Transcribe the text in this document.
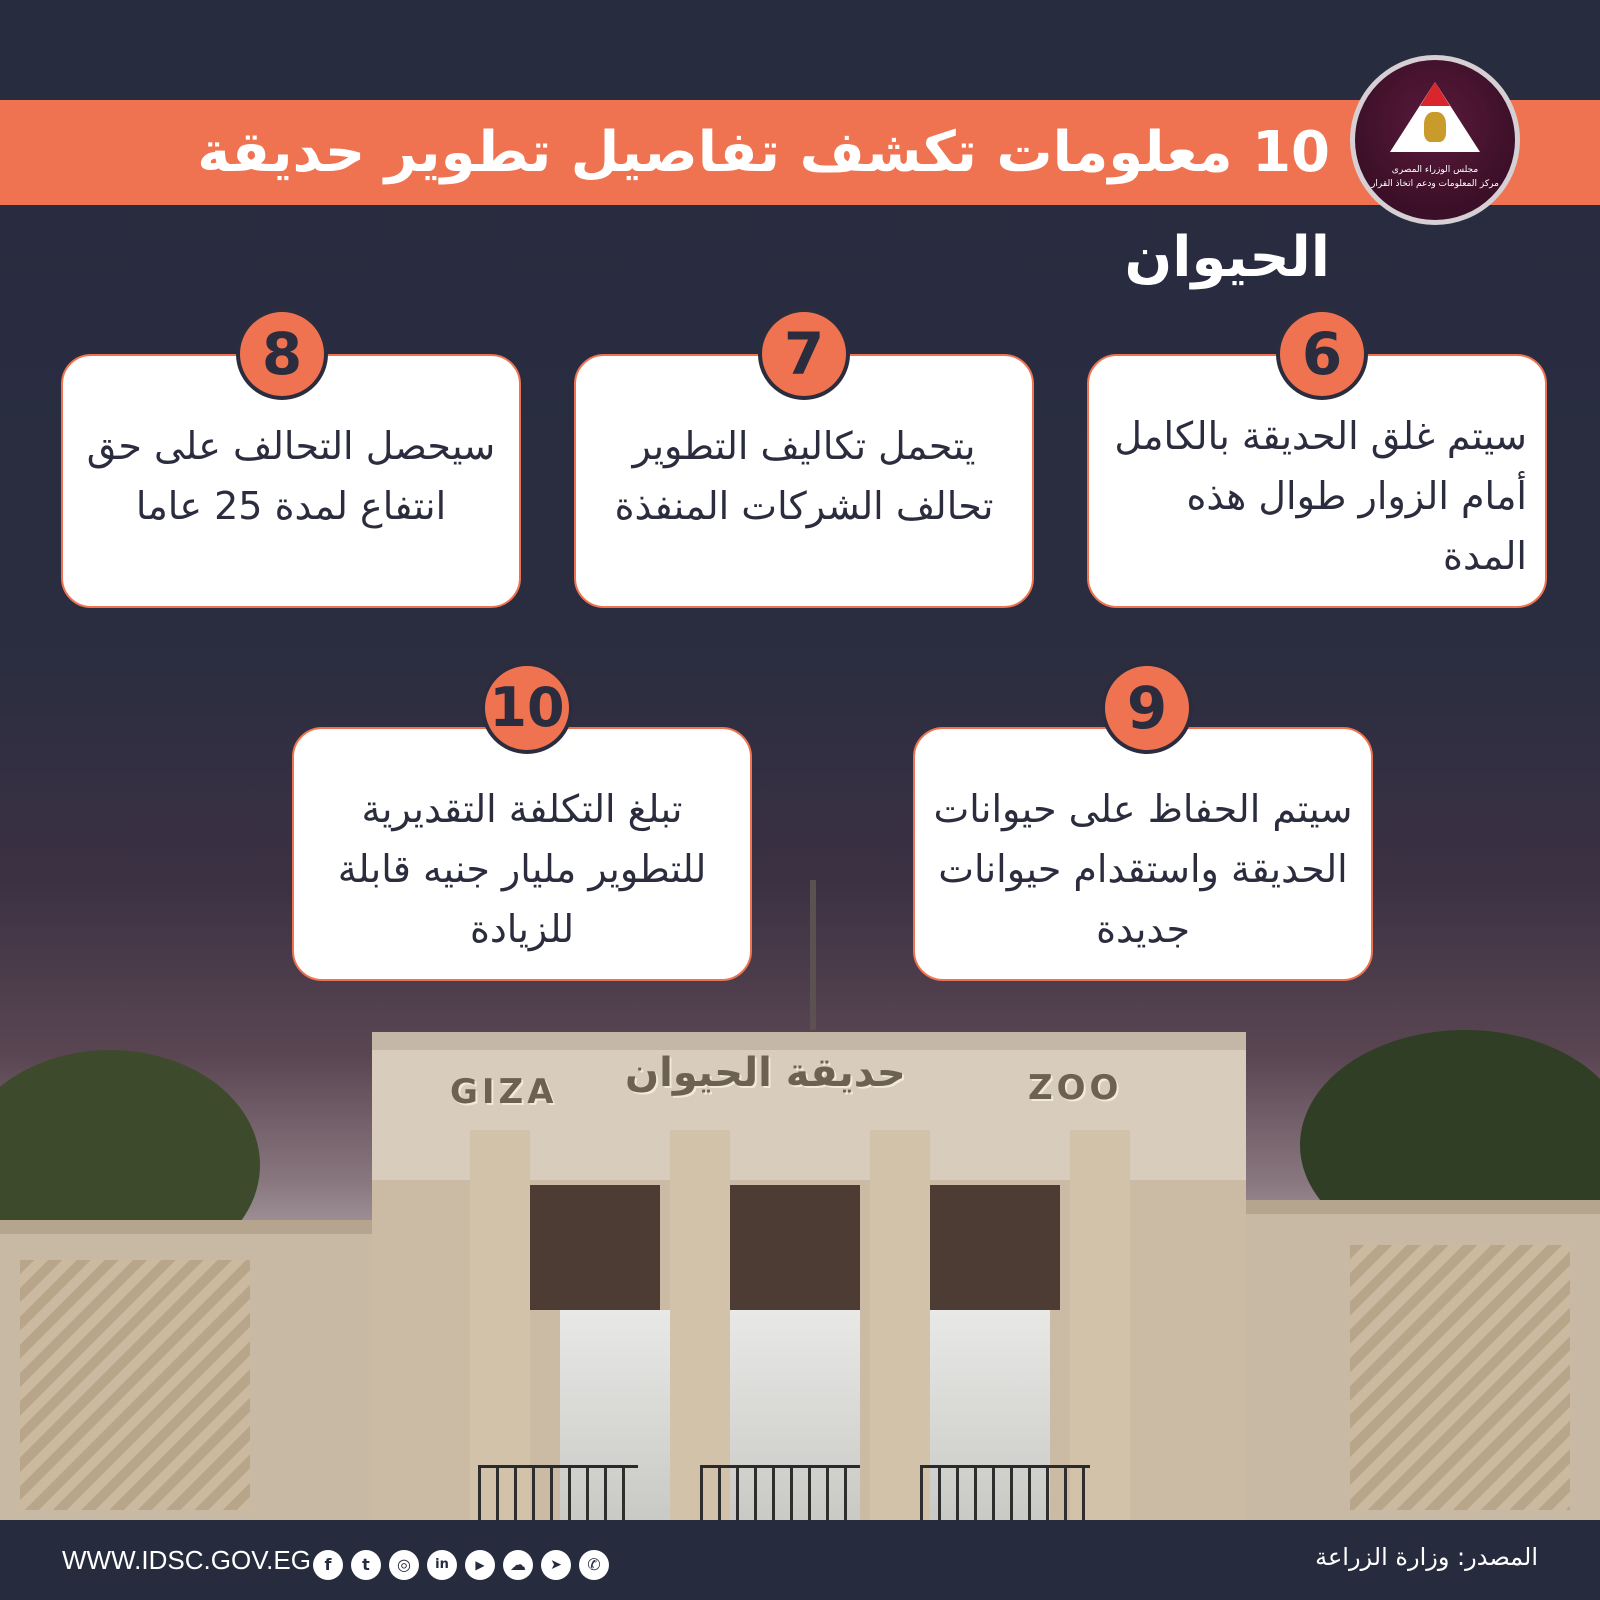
GIZA حديقة الحيوان	ZOO
10 معلومات تكشف تفاصيل تطوير حديقة الحيوان
مجلس الوزراء المصرى
مركز المعلومات ودعم اتخاذ القرار
سيتم غلق الحديقة بالكامل أمام الزوار طوال هذه المدة
6
يتحمل تكاليف التطوير تحالف الشركات المنفذة
7
سيحصل التحالف على حق انتفاع لمدة 25 عاما
8
سيتم الحفاظ على حيوانات الحديقة واستقدام حيوانات جديدة
9
تبلغ التكلفة التقديرية للتطوير مليار جنيه قابلة للزيادة
10
WWW.IDSC.GOV.EG f	t	◎	in	▶	☁	➤	✆	المصدر: وزارة الزراعة
